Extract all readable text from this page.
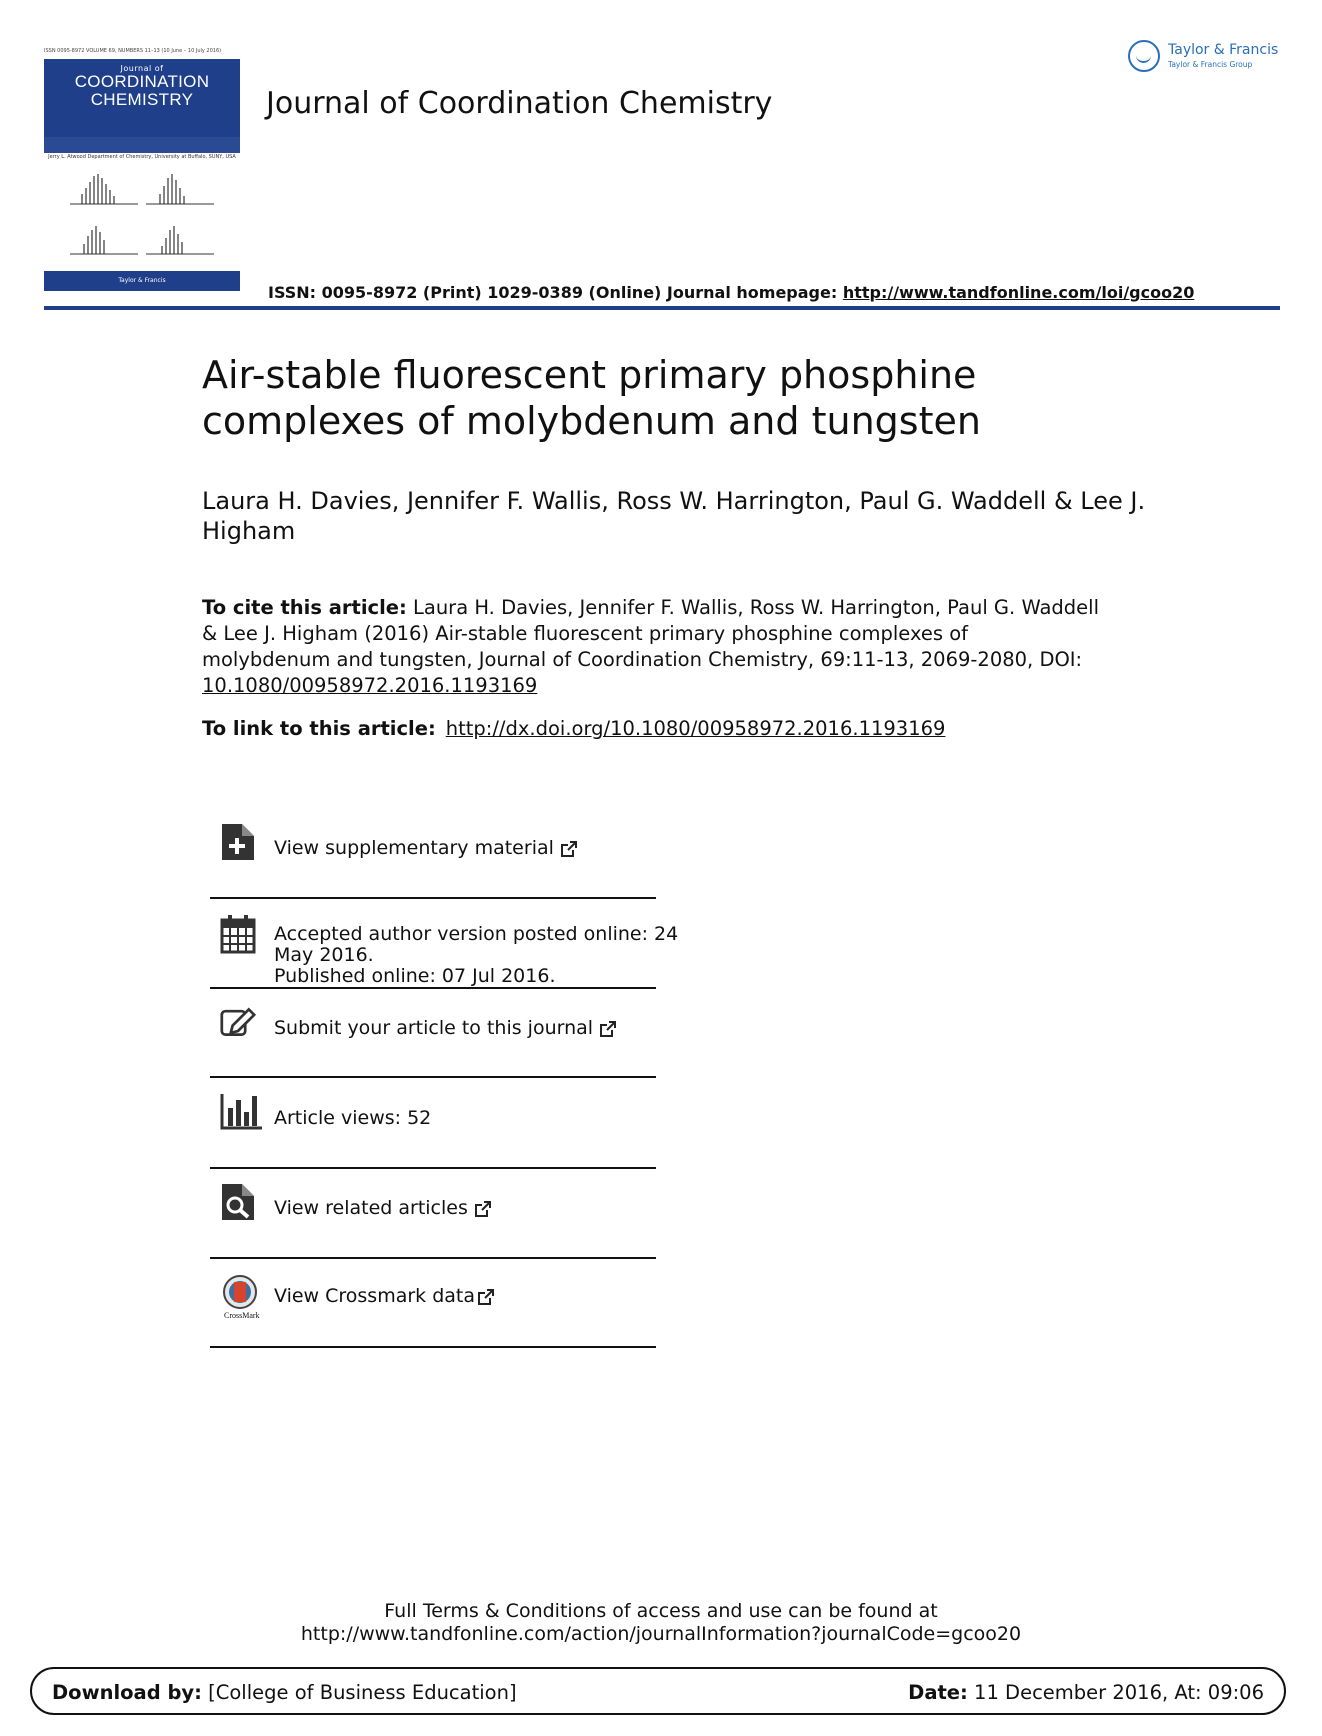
ISSN 0095-8972 VOLUME 69, NUMBERS 11–13 (10 June – 10 July 2016)
Journal of
COORDINATION
CHEMISTRY
Jerry L. Atwood Department of Chemistry, University at Buffalo, SUNY, USA
Taylor & Francis
Journal of Coordination Chemistry
Taylor & Francis
Taylor & Francis Group
ISSN: 0095-8972 (Print) 1029-0389 (Online) Journal homepage: http://www.tandfonline.com/loi/gcoo20
Air-stable fluorescent primary phosphine complexes of molybdenum and tungsten
Laura H. Davies, Jennifer F. Wallis, Ross W. Harrington, Paul G. Waddell & Lee J. Higham
To cite this article: Laura H. Davies, Jennifer F. Wallis, Ross W. Harrington, Paul G. Waddell & Lee J. Higham (2016) Air-stable fluorescent primary phosphine complexes of molybdenum and tungsten, Journal of Coordination Chemistry, 69:11-13, 2069-2080, DOI: 10.1080/00958972.2016.1193169
To link to this article: http://dx.doi.org/10.1080/00958972.2016.1193169
View supplementary material
Accepted author version posted online: 24
May 2016.
Published online: 07 Jul 2016.
Submit your article to this journal
Article views: 52
View related articles
CrossMark
View Crossmark data
Full Terms & Conditions of access and use can be found at
http://www.tandfonline.com/action/journalInformation?journalCode=gcoo20
Download by: [College of Business Education]	Date: 11 December 2016, At: 09:06
